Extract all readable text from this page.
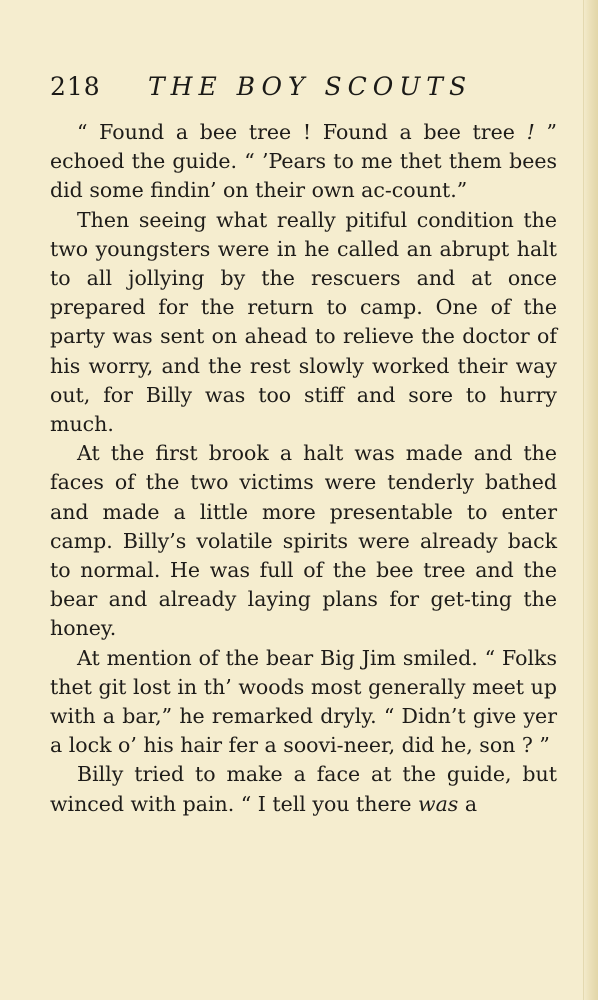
218 THE BOY SCOUTS

“ Found a bee tree ! Found a bee tree ! ” echoed the guide. “ ’Pears to me thet them bees did some findin’ on their own ac-count.”

Then seeing what really pitiful condition the two youngsters were in he called an abrupt halt to all jollying by the rescuers and at once prepared for the return to camp. One of the party was sent on ahead to relieve the doctor of his worry, and the rest slowly worked their way out, for Billy was too stiff and sore to hurry much.

At the first brook a halt was made and the faces of the two victims were tenderly bathed and made a little more presentable to enter camp. Billy’s volatile spirits were already back to normal. He was full of the bee tree and the bear and already laying plans for get-ting the honey.

At mention of the bear Big Jim smiled. “ Folks thet git lost in th’ woods most generally meet up with a bar,” he remarked dryly. “ Didn’t give yer a lock o’ his hair fer a soovi-neer, did he, son ? ”

Billy tried to make a face at the guide, but winced with pain. “ I tell you there was a
